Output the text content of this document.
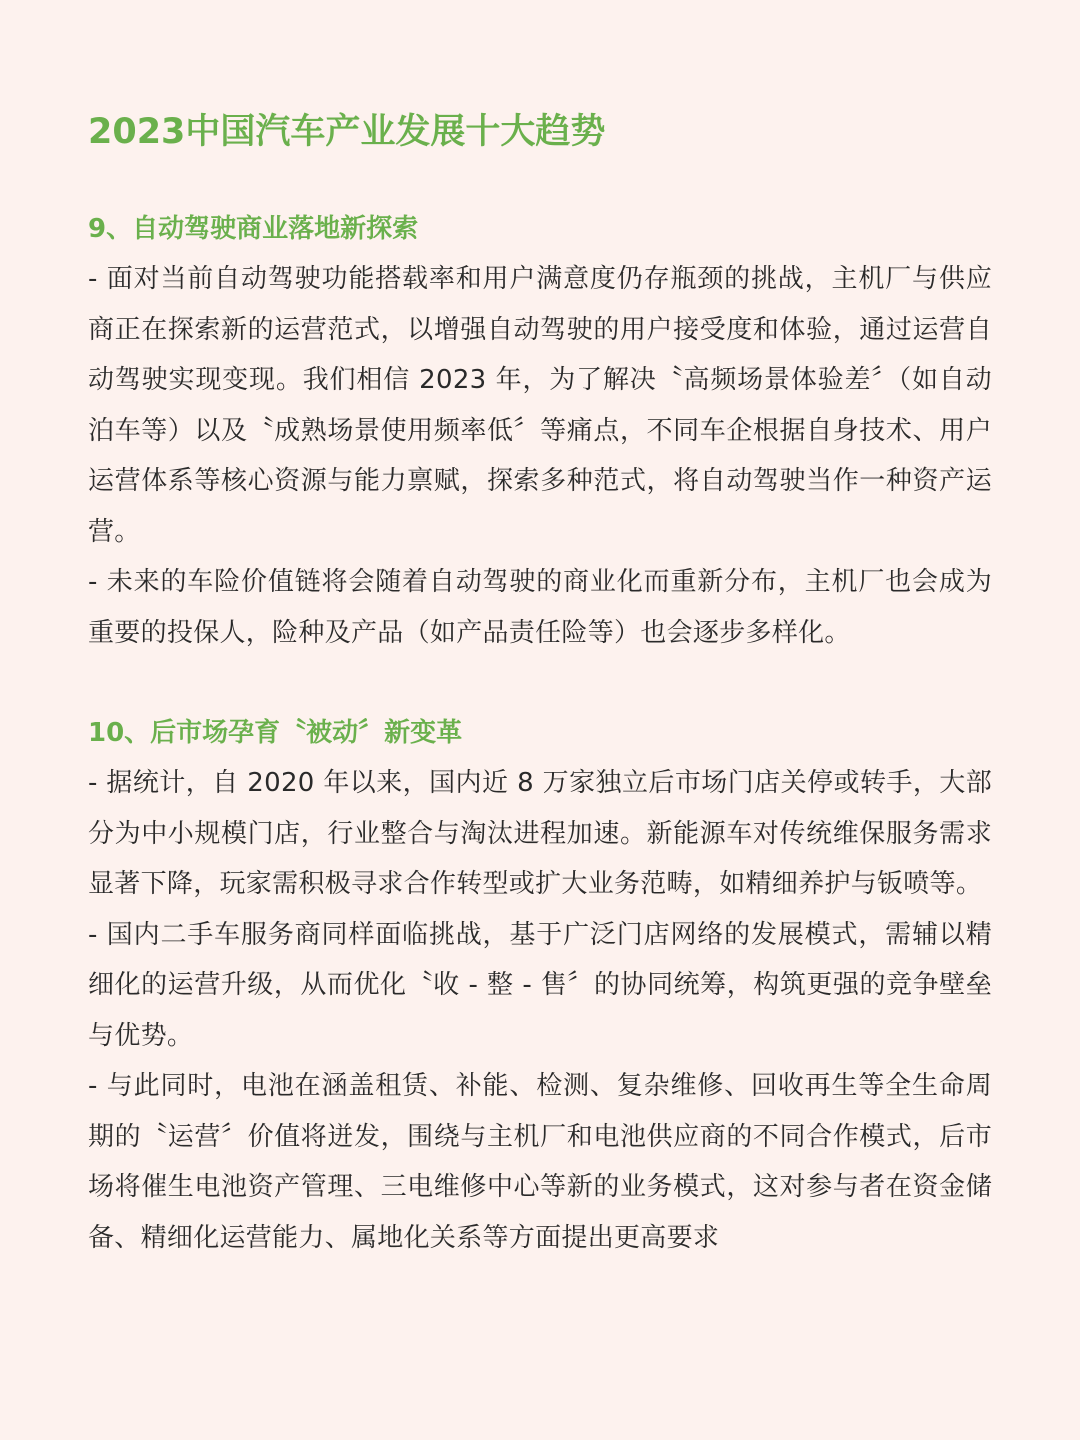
2023中国汽车产业发展十大趋势
9、自动驾驶商业落地新探索

- 面对当前自动驾驶功能搭载率和用户满意度仍存瓶颈的挑战，主机厂与供应商正在探索新的运营范式，以增强自动驾驶的用户接受度和体验，通过运营自动驾驶实现变现。我们相信 2023 年，为了解决〝高频场景体验差〞（如自动泊车等）以及〝成熟场景使用频率低〞等痛点，不同车企根据自身技术、用户运营体系等核心资源与能力禀赋，探索多种范式，将自动驾驶当作一种资产运营。

- 未来的车险价值链将会随着自动驾驶的商业化而重新分布，主机厂也会成为重要的投保人，险种及产品（如产品责任险等）也会逐步多样化。

10、后市场孕育〝被动〞新变革

- 据统计，自 2020 年以来，国内近 8 万家独立后市场门店关停或转手，大部分为中小规模门店，行业整合与淘汰进程加速。新能源车对传统维保服务需求显著下降，玩家需积极寻求合作转型或扩大业务范畴，如精细养护与钣喷等。

- 国内二手车服务商同样面临挑战，基于广泛门店网络的发展模式，需辅以精细化的运营升级，从而优化〝收 - 整 - 售〞的协同统筹，构筑更强的竞争壁垒与优势。

- 与此同时，电池在涵盖租赁、补能、检测、复杂维修、回收再生等全生命周期的〝运营〞价值将迸发，围绕与主机厂和电池供应商的不同合作模式，后市场将催生电池资产管理、三电维修中心等新的业务模式，这对参与者在资金储备、精细化运营能力、属地化关系等方面提出更高要求
